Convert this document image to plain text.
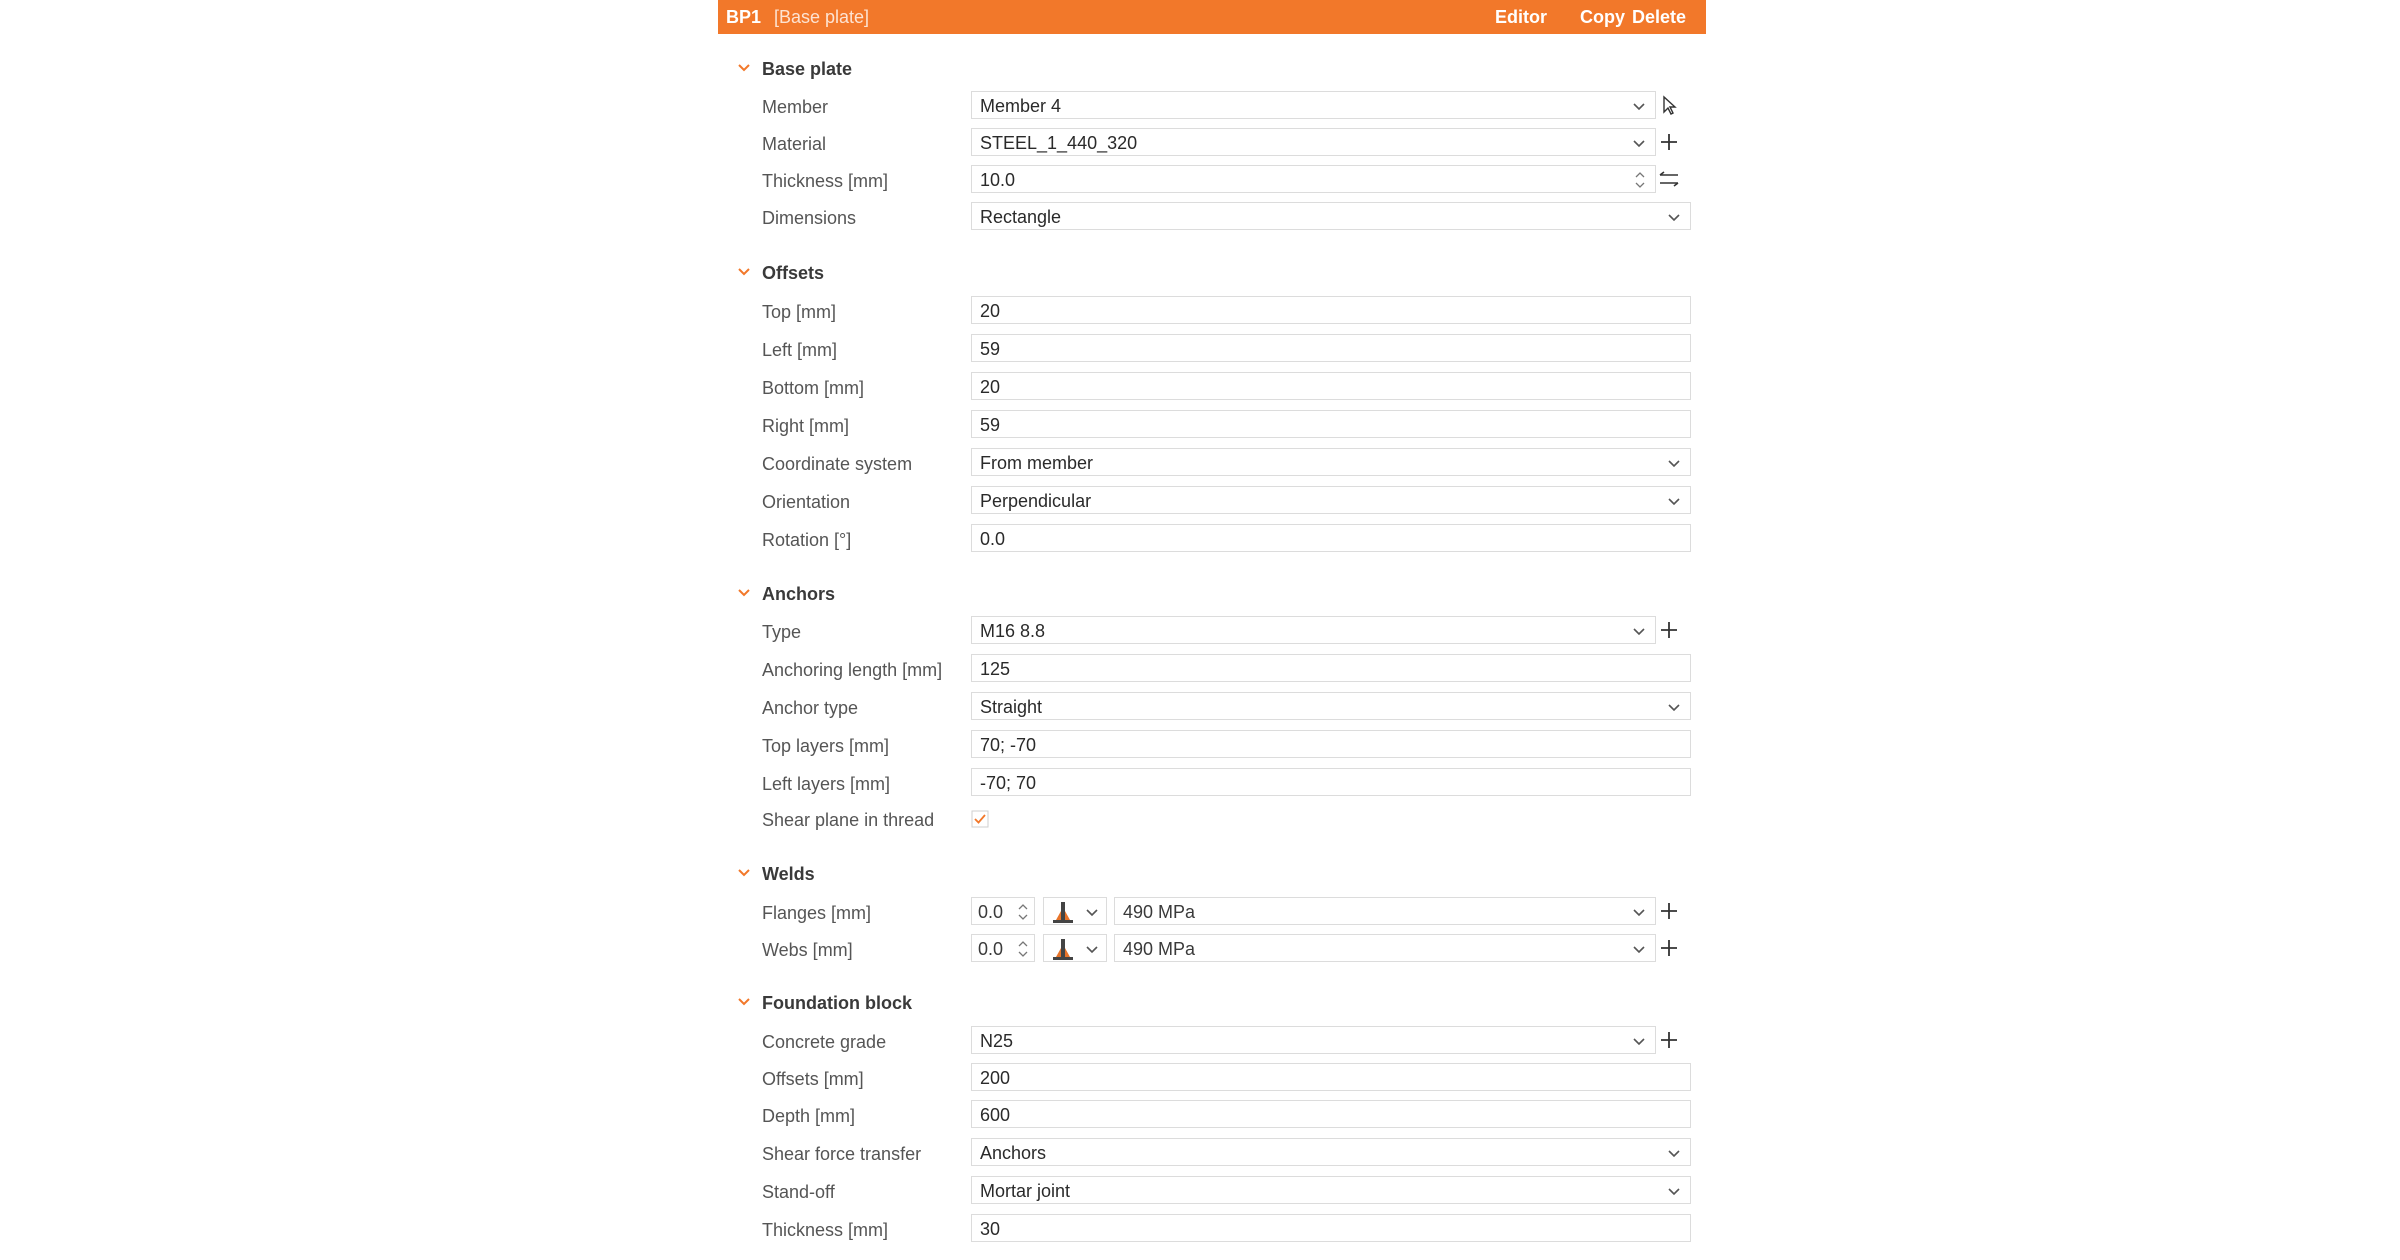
BP1 [Base plate]	Editor Copy Delete
Base plate
Member	Member 4
Material	STEEL_1_440_320
Thickness [mm]	10.0
Dimensions	Rectangle
Offsets
Top [mm]	20
Left [mm]	59
Bottom [mm]	20
Right [mm]	59
Coordinate system	From member
Orientation	Perpendicular
Rotation [°]	0.0
Anchors
Type	M16 8.8
Anchoring length [mm] 125
Anchor type	Straight
Top layers [mm]	70; -70
Left layers [mm]	-70; 70
Shear plane in thread
Welds
Flanges [mm]	0.0	490 MPa
Webs [mm]	0.0	490 MPa
Foundation block
Concrete grade	N25
Offsets [mm]	200
Depth [mm]	600
Shear force transfer	Anchors
Stand-off	Mortar joint
Thickness [mm]	30
